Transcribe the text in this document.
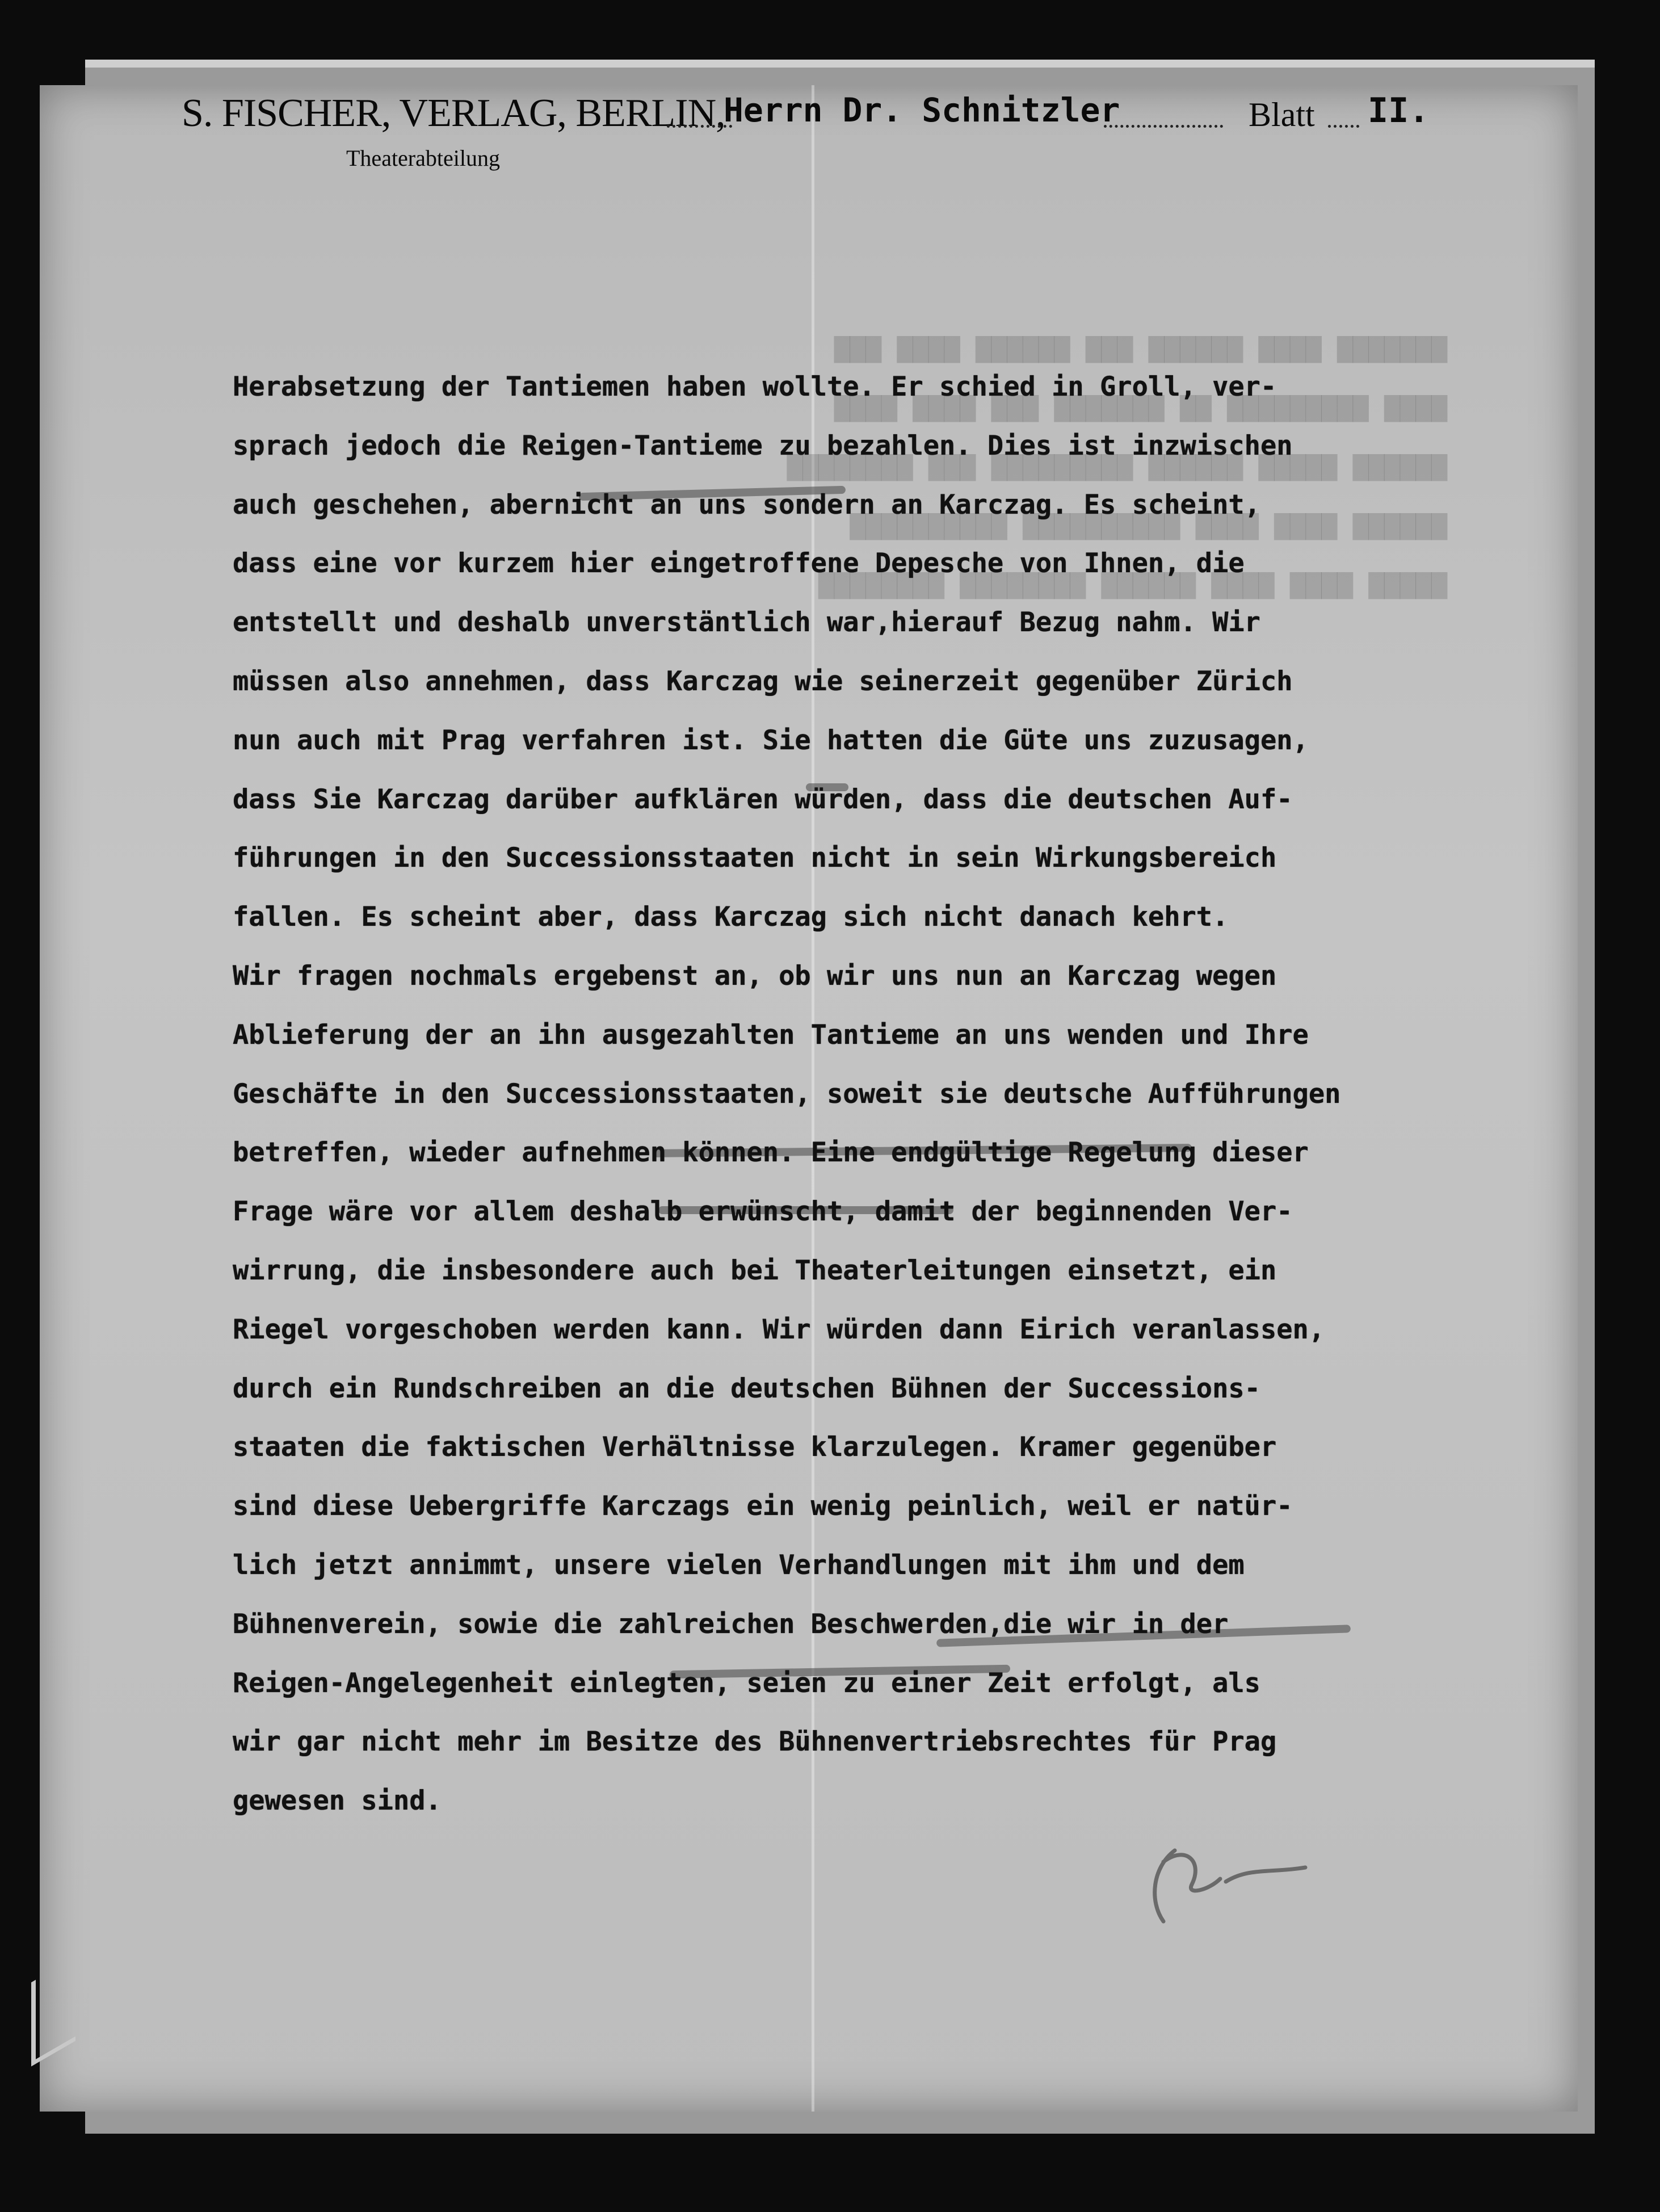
▇▇▇▇▇▇▇ ▇▇▇▇ ▇▇▇▇▇▇ ▇▇▇ ▇▇▇▇▇▇ ▇▇▇▇ ▇▇▇
▇▇▇▇ ▇▇▇▇▇▇▇▇▇ ▇▇ ▇▇▇▇▇▇▇ ▇▇▇ ▇▇▇▇ ▇▇▇▇
▇▇▇▇▇▇ ▇▇▇▇▇ ▇▇▇▇▇▇ ▇▇▇▇▇▇▇▇▇ ▇▇▇ ▇▇▇▇▇▇▇▇
▇▇▇▇▇▇ ▇▇▇▇ ▇▇▇▇ ▇▇▇▇▇▇▇▇▇▇ ▇▇▇▇▇▇▇▇▇▇
▇▇▇▇▇ ▇▇▇▇ ▇▇▇▇ ▇▇▇▇▇▇ ▇▇▇▇▇▇▇▇ ▇▇▇▇▇▇▇▇
S. FISCHER, VERLAG, BERLIN,
Theaterabteilung
Herrn Dr. Schnitzler	Blatt II.
Herabsetzung der Tantiemen haben wollte. Er schied in Groll, ver-
sprach jedoch die Reigen-Tantieme zu bezahlen. Dies ist inzwischen
auch geschehen, abernicht an uns sondern an Karczag. Es scheint,
dass eine vor kurzem hier eingetroffene Depesche von Ihnen, die
entstellt und deshalb unverstäntlich war,hierauf Bezug nahm. Wir
müssen also annehmen, dass Karczag wie seinerzeit gegenüber Zürich
nun auch mit Prag verfahren ist. Sie hatten die Güte uns zuzusagen,
dass Sie Karczag darüber aufklären würden, dass die deutschen Auf-
führungen in den Successionsstaaten nicht in sein Wirkungsbereich
fallen. Es scheint aber, dass Karczag sich nicht danach kehrt.
Wir fragen nochmals ergebenst an, ob wir uns nun an Karczag wegen
Ablieferung der an ihn ausgezahlten Tantieme an uns wenden und Ihre
Geschäfte in den Successionsstaaten, soweit sie deutsche Aufführungen
betreffen, wieder aufnehmen können. Eine endgültige Regelung dieser
Frage wäre vor allem deshalb erwünscht, damit der beginnenden Ver-
wirrung, die insbesondere auch bei Theaterleitungen einsetzt, ein
Riegel vorgeschoben werden kann. Wir würden dann Eirich veranlassen,
durch ein Rundschreiben an die deutschen Bühnen der Successions-
staaten die faktischen Verhältnisse klarzulegen. Kramer gegenüber
sind diese Uebergriffe Karczags ein wenig peinlich, weil er natür-
lich jetzt annimmt, unsere vielen Verhandlungen mit ihm und dem
Bühnenverein, sowie die zahlreichen Beschwerden,die wir in der
Reigen-Angelegenheit einlegten, seien zu einer Zeit erfolgt, als
wir gar nicht mehr im Besitze des Bühnenvertriebsrechtes für Prag
gewesen sind.
